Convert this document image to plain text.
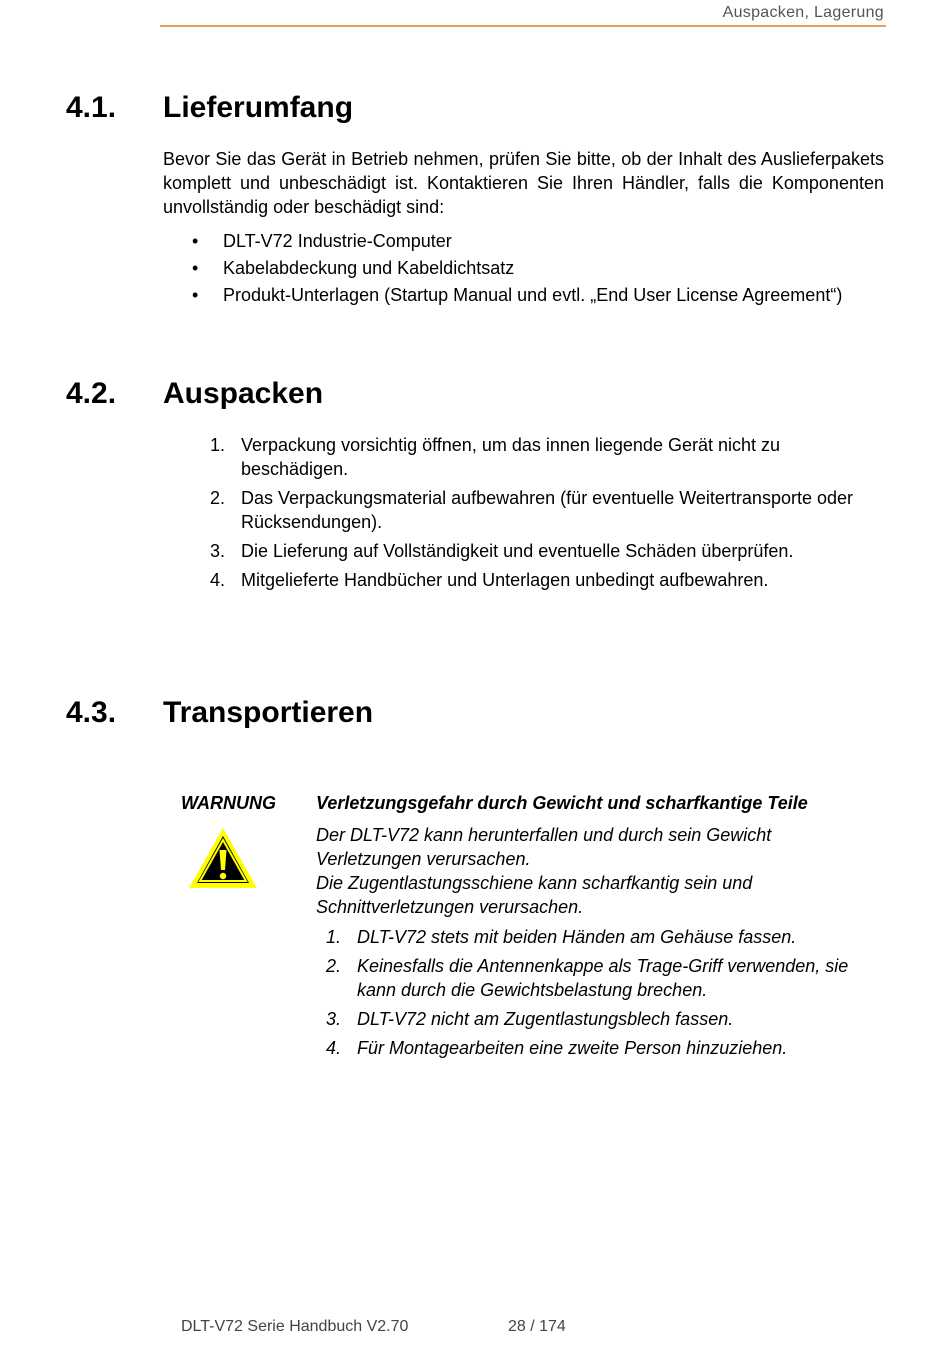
Auspacken, Lagerung
4.1. Lieferumfang

Bevor Sie das Gerät in Betrieb nehmen, prüfen Sie bitte, ob der Inhalt des Auslieferpakets komplett und unbeschädigt ist. Kontaktieren Sie Ihren Händler, falls die Komponenten unvollständig oder beschädigt sind:

• DLT-V72 Industrie-Computer
• Kabelabdeckung und Kabeldichtsatz
• Produkt-Unterlagen (Startup Manual und evtl. „End User License Agreement“)
4.2. Auspacken
1. Verpackung vorsichtig öffnen, um das innen liegende Gerät nicht zu beschädigen.
2. Das Verpackungsmaterial aufbewahren (für eventuelle Weitertransporte oder Rücksendungen).
3. Die Lieferung auf Vollständigkeit und eventuelle Schäden überprüfen.
4. Mitgelieferte Handbücher und Unterlagen unbedingt aufbewahren.
4.3. Transportieren
WARNUNG Verletzungsgefahr durch Gewicht und scharfkantige Teile

Der DLT-V72 kann herunterfallen und durch sein Gewicht
Verletzungen verursachen.
Die Zugentlastungsschiene kann scharfkantig sein und
Schnittverletzungen verursachen.

1. DLT-V72 stets mit beiden Händen am Gehäuse fassen.
2. Keinesfalls die Antennenkappe als Trage-Griff verwenden, sie kann durch die Gewichtsbelastung brechen.
3. DLT-V72 nicht am Zugentlastungsblech fassen.
4. Für Montagearbeiten eine zweite Person hinzuziehen.
DLT-V72 Serie Handbuch V2.70	28 / 174
